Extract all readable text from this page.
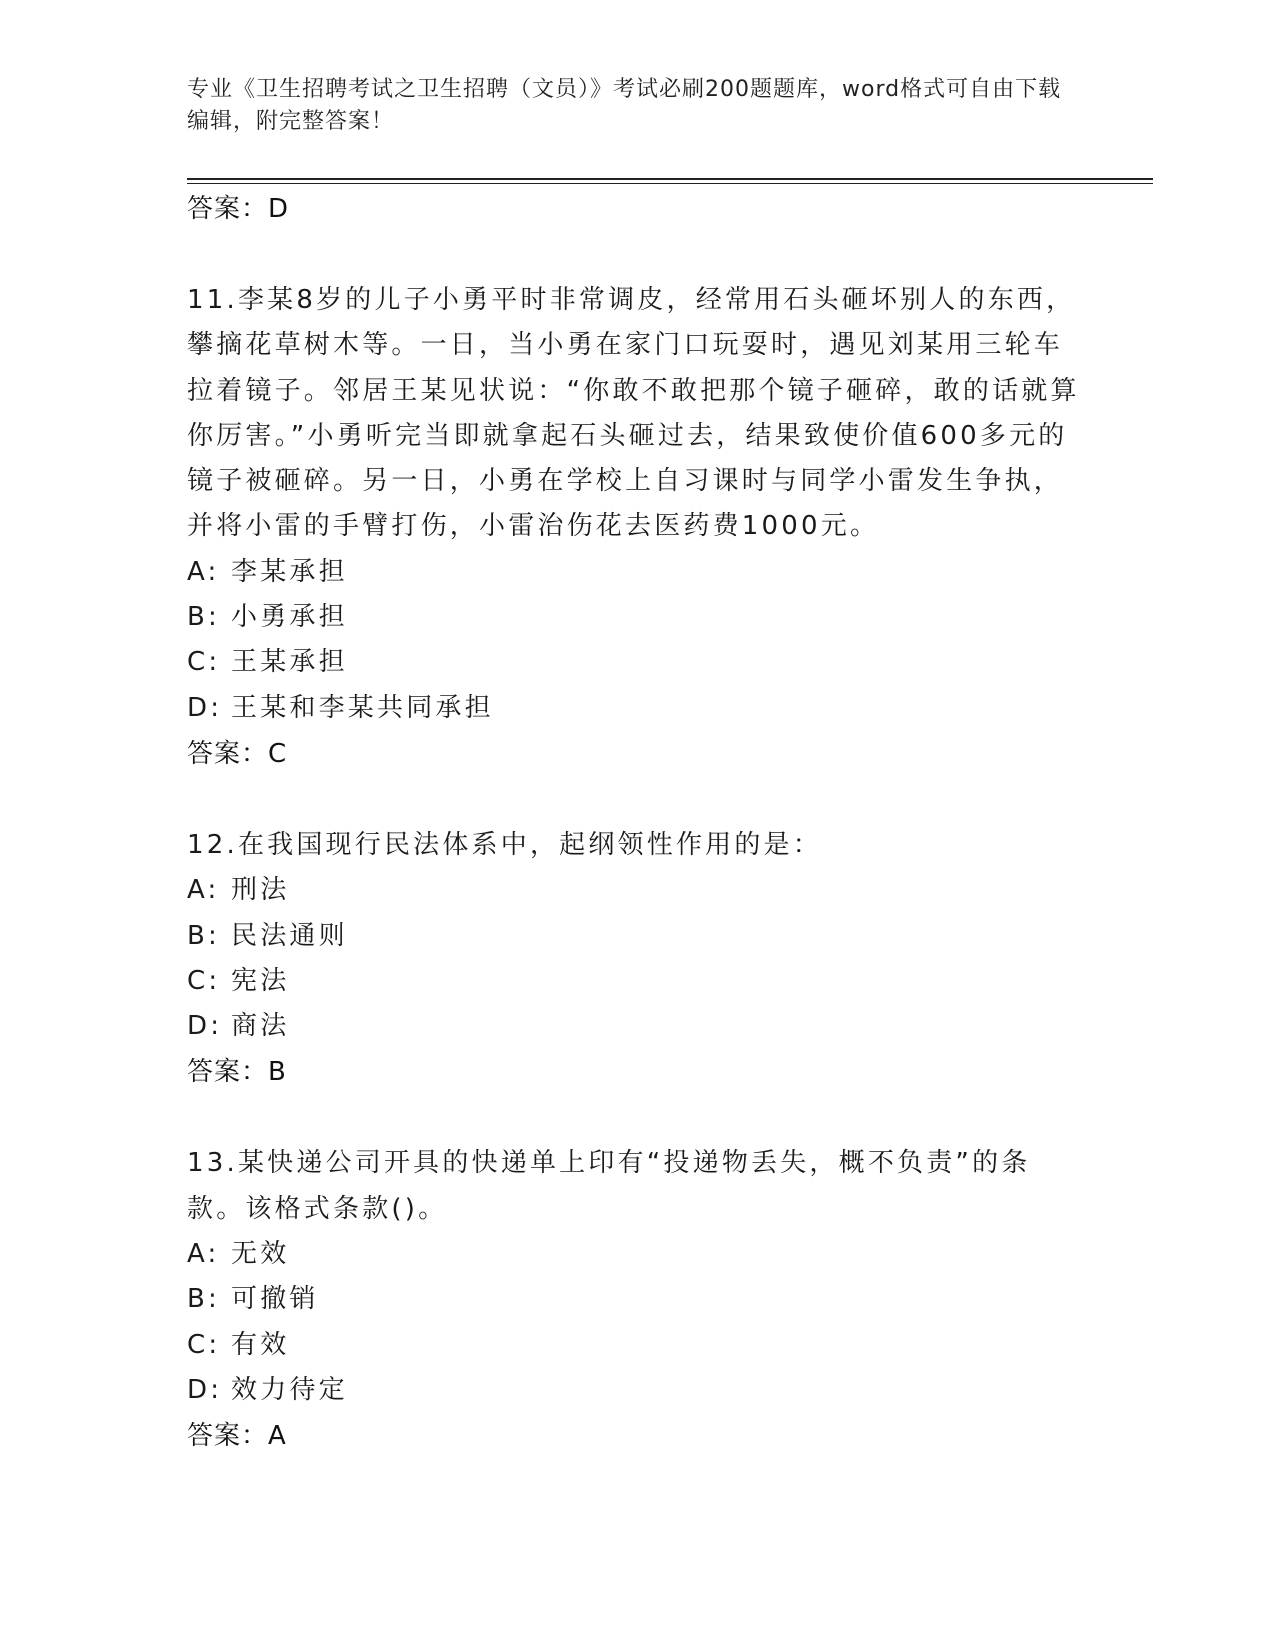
专业《卫生招聘考试之卫生招聘（文员）》考试必刷200题题库，word格式可自由下载编辑，附完整答案！
答案：D
11.李某8岁的儿子小勇平时非常调皮，经常用石头砸坏别人的东西，攀摘花草树木等。一日，当小勇在家门口玩耍时，遇见刘某用三轮车拉着镜子。邻居王某见状说：“你敢不敢把那个镜子砸碎，敢的话就算你厉害。”小勇听完当即就拿起石头砸过去，结果致使价值600多元的镜子被砸碎。另一日，小勇在学校上自习课时与同学小雷发生争执，并将小雷的手臂打伤，小雷治伤花去医药费1000元。
A: 李某承担
B: 小勇承担
C: 王某承担
D: 王某和李某共同承担
答案：C
12.在我国现行民法体系中，起纲领性作用的是：
A: 刑法
B: 民法通则
C: 宪法
D: 商法
答案：B
13.某快递公司开具的快递单上印有“投递物丢失，概不负责”的条款。该格式条款()。
A: 无效
B: 可撤销
C: 有效
D: 效力待定
答案：A
